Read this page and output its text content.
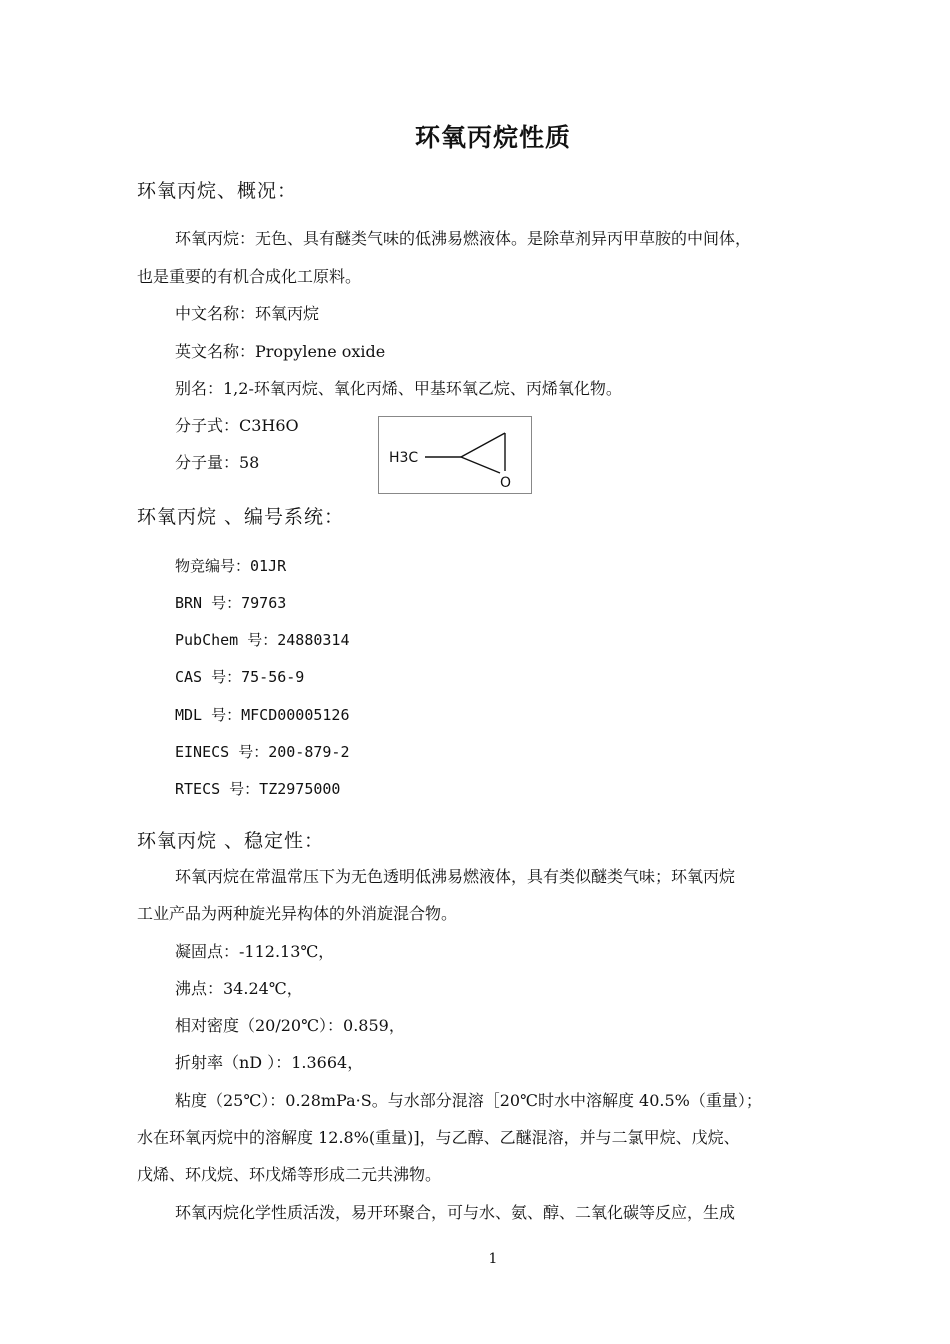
环氧丙烷性质
环氧丙烷、概况：
环氧丙烷：无色、具有醚类气味的低沸易燃液体。是除草剂异丙甲草胺的中间体，
也是重要的有机合成化工原料。
中文名称：环氧丙烷
英文名称：Propylene oxide
别名：1,2-环氧丙烷、氧化丙烯、甲基环氧乙烷、丙烯氧化物。
分子式：C3H6O
分子量：58	H3C
O
环氧丙烷 、编号系统：
物竞编号：01JR
BRN 号：79763
PubChem 号：24880314
CAS 号：75-56-9
MDL 号：MFCD00005126
EINECS 号：200-879-2
RTECS 号：TZ2975000
环氧丙烷 、稳定性：
环氧丙烷在常温常压下为无色透明低沸易燃液体，具有类似醚类气味；环氧丙烷
工业产品为两种旋光异构体的外消旋混合物。
凝固点：-112.13℃，
沸点：34.24℃，
相对密度（20/20℃）：0.859，
折射率（nD ）：1.3664，
粘度（25℃）：0.28mPa·S。与水部分混溶［20℃时水中溶解度 40.5%（重量）；
水在环氧丙烷中的溶解度 12.8%(重量)]，与乙醇、乙醚混溶，并与二氯甲烷、戊烷、
戊烯、环戊烷、环戊烯等形成二元共沸物。
环氧丙烷化学性质活泼，易开环聚合，可与水、氨、醇、二氧化碳等反应，生成
1
